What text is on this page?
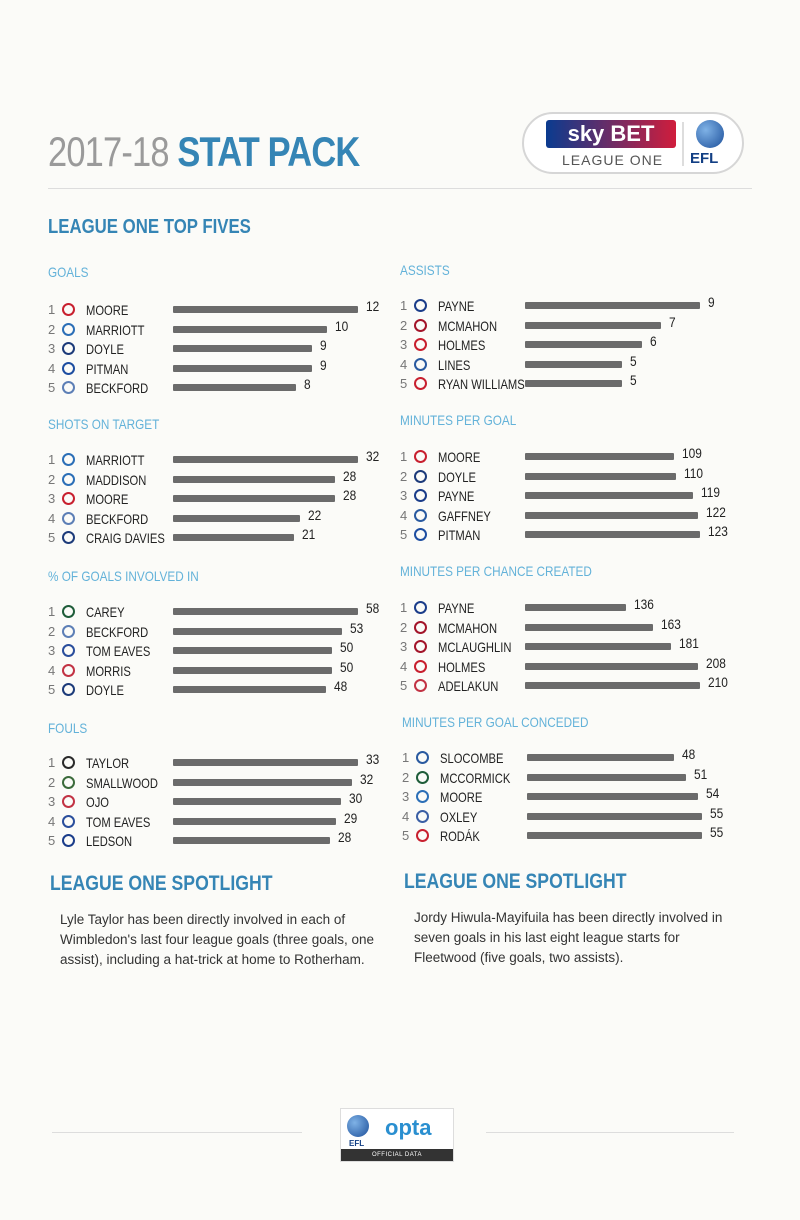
2017-18 STAT PACK	sky BET
LEAGUE ONE EFL
LEAGUE ONE TOP FIVES
GOALS
1	MOORE	12
2	MARRIOTT	10
3	DOYLE	9
4	PITMAN	9
5	BECKFORD	8
SHOTS ON TARGET
1	MARRIOTT	32
2	MADDISON	28
3	MOORE	28
4	BECKFORD	22
5	CRAIG DAVIES	21
% OF GOALS INVOLVED IN
1	CAREY	58
2	BECKFORD	53
3	TOM EAVES	50
4	MORRIS	50
5	DOYLE	48
FOULS
1	TAYLOR	33
2	SMALLWOOD	32
3	OJO	30
4	TOM EAVES	29
5	LEDSON	28
ASSISTS
1	PAYNE	9
2	MCMAHON	7
3	HOLMES	6
4	LINES	5
5	RYAN WILLIAMS	5
MINUTES PER GOAL
1	MOORE	109
2	DOYLE	110
3	PAYNE	119
4	GAFFNEY	122
5	PITMAN	123
MINUTES PER CHANCE CREATED
1	PAYNE	136
2	MCMAHON	163
3	MCLAUGHLIN	181
4	HOLMES	208
5	ADELAKUN	210
MINUTES PER GOAL CONCEDED
1	SLOCOMBE	48
2	MCCORMICK	51
3	MOORE	54
4	OXLEY	55
5	RODÁK	55
LEAGUE ONE SPOTLIGHT
Lyle Taylor has been directly involved in each of Wimbledon's last four league goals (three goals, one assist), including a hat-trick at home to Rotherham.
LEAGUE ONE SPOTLIGHT
Jordy Hiwula-Mayifuila has been directly involved in seven goals in his last eight league starts for Fleetwood (five goals, two assists).
EFL
opta
OFFICIAL DATA
